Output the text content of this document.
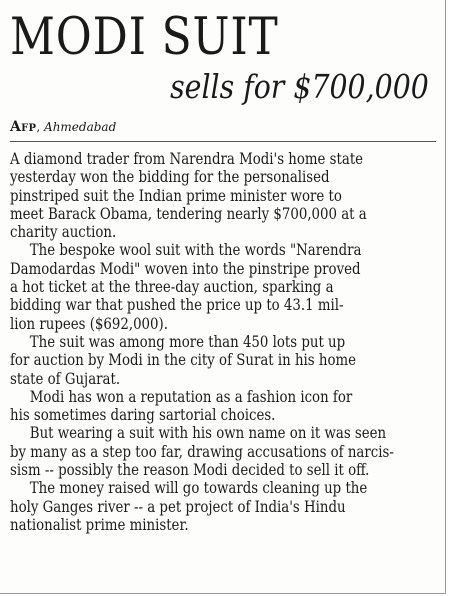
MODI SUIT
sells for $700,000
Afp, Ahmedabad
A diamond trader from Narendra Modi's home state
yesterday won the bidding for the personalised
pinstriped suit the Indian prime minister wore to
meet Barack Obama, tendering nearly $700,000 at a
charity auction.
The bespoke wool suit with the words "Narendra
Damodardas Modi" woven into the pinstripe proved
a hot ticket at the three-day auction, sparking a
bidding war that pushed the price up to 43.1 mil-
lion rupees ($692,000).
The suit was among more than 450 lots put up
for auction by Modi in the city of Surat in his home
state of Gujarat.
Modi has won a reputation as a fashion icon for
his sometimes daring sartorial choices.
But wearing a suit with his own name on it was seen
by many as a step too far, drawing accusations of narcis-
sism -- possibly the reason Modi decided to sell it off.
The money raised will go towards cleaning up the
holy Ganges river -- a pet project of India's Hindu
nationalist prime minister.
